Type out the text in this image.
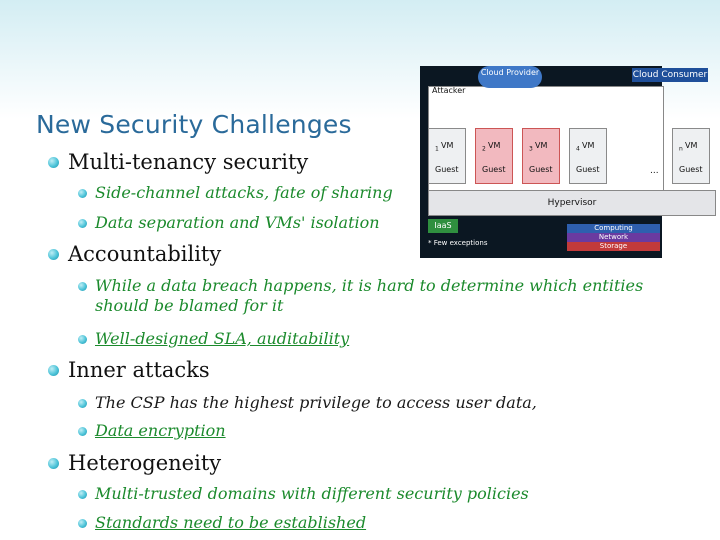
Cloud Provider	Cloud Consumer
Attacker
VM
$_1$
Guest
VM
$_2$
Guest
VM
$_3$
Guest
VM
$_4$
Guest
VM
$_n$
Guest
...
Hypervisor
IaaS	Computing
Network
Storage
* Few exceptions
New Security Challenges
Multi-tenancy security
Side-channel attacks, fate of sharing
Data separation and VMs' isolation
Accountability
While a data breach happens, it is hard to determine which entities should be blamed for it
Well-designed SLA, auditability
Inner attacks
The CSP has the highest privilege to access user data,
Data encryption
Heterogeneity
Multi-trusted domains with different security policies
Standards need to be established
